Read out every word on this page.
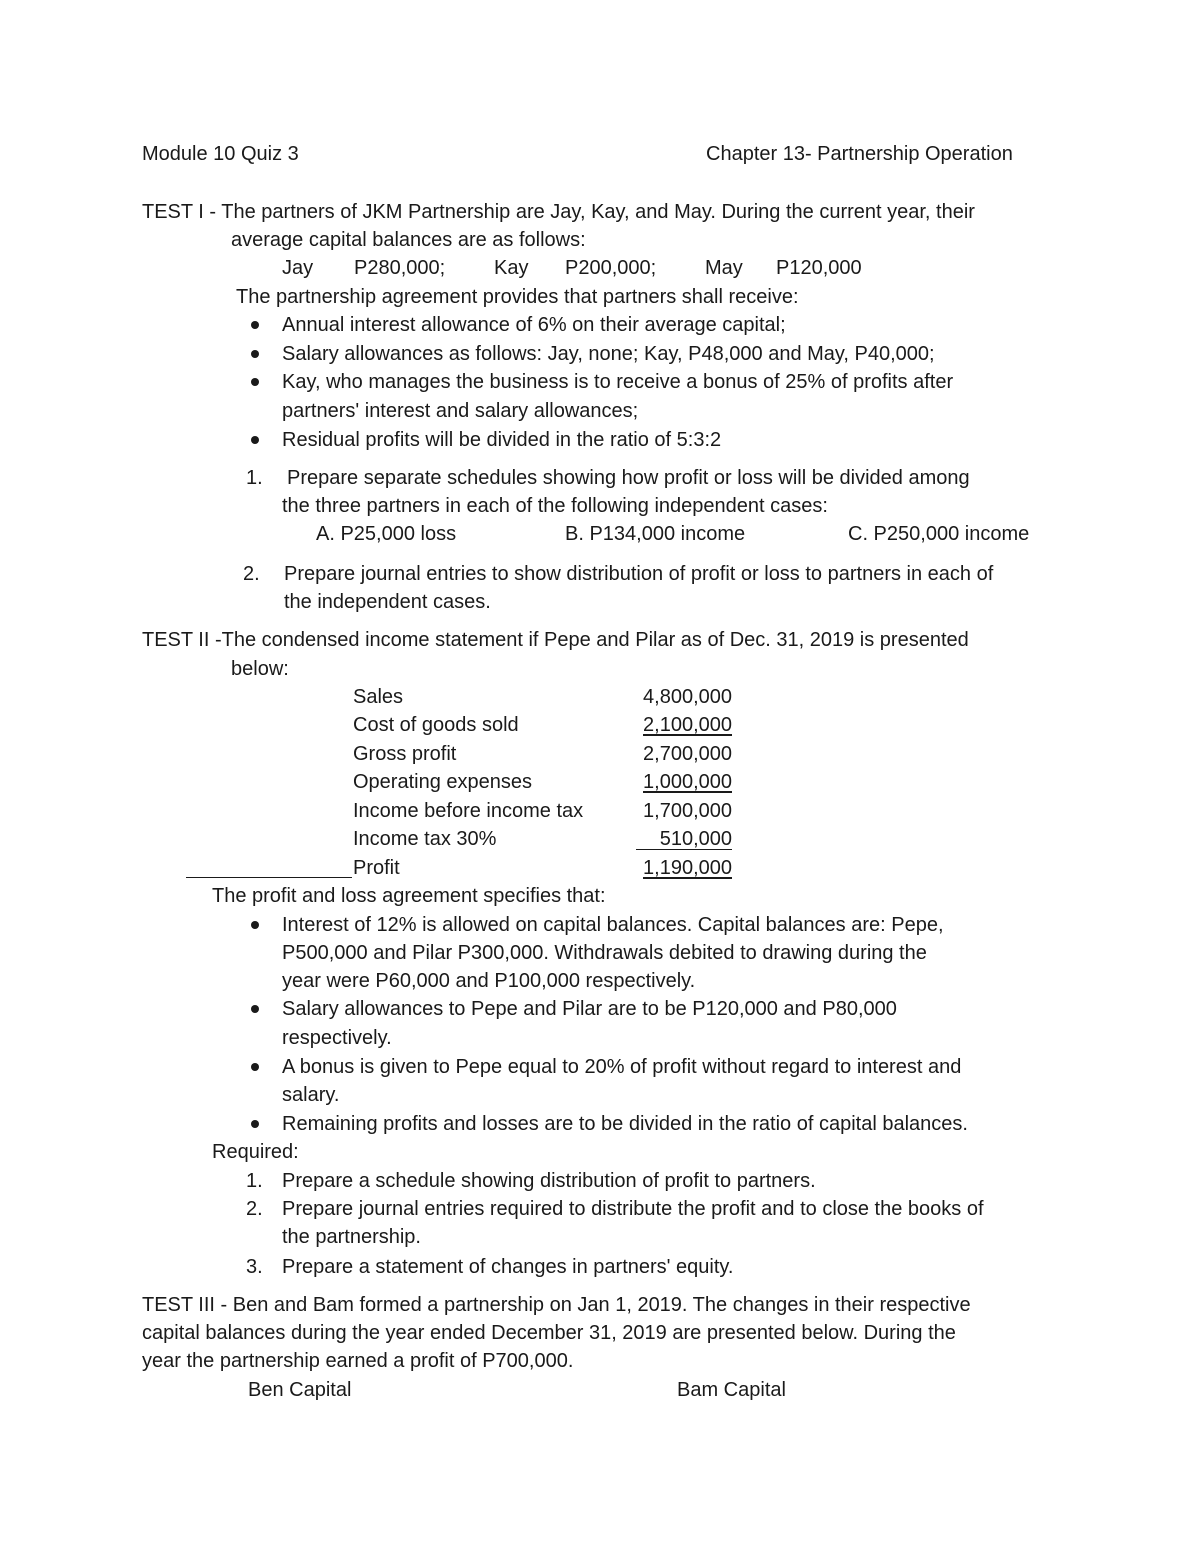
Module 10 Quiz 3	Chapter 13- Partnership Operation
TEST I - The partners of JKM Partnership are Jay, Kay, and May. During the current year, their
average capital balances are as follows:
Jay P280,000; Kay P200,000; May P120,000
The partnership agreement provides that partners shall receive:
Annual interest allowance of 6% on their average capital;
Salary allowances as follows: Jay, none; Kay, P48,000 and May, P40,000;
Kay, who manages the business is to receive a bonus of 25% of profits after
partners' interest and salary allowances;
Residual profits will be divided in the ratio of 5:3:2
1. Prepare separate schedules showing how profit or loss will be divided among
the three partners in each of the following independent cases:
A. P25,000 loss	B. P134,000 income	C. P250,000 income
2. Prepare journal entries to show distribution of profit or loss to partners in each of
the independent cases.
TEST II -The condensed income statement if Pepe and Pilar as of Dec. 31, 2019 is presented
below:
Sales	4,800,000
Cost of goods sold	2,100,000
Gross profit	2,700,000
Operating expenses	1,000,000
Income before income tax	1,700,000
Income tax 30%	510,000
Profit	1,190,000
The profit and loss agreement specifies that:
Interest of 12% is allowed on capital balances. Capital balances are: Pepe,
P500,000 and Pilar P300,000. Withdrawals debited to drawing during the
year were P60,000 and P100,000 respectively.
Salary allowances to Pepe and Pilar are to be P120,000 and P80,000
respectively.
A bonus is given to Pepe equal to 20% of profit without regard to interest and
salary.
Remaining profits and losses are to be divided in the ratio of capital balances.
Required:
1. Prepare a schedule showing distribution of profit to partners.
2. Prepare journal entries required to distribute the profit and to close the books of
the partnership.
3. Prepare a statement of changes in partners' equity.
TEST III - Ben and Bam formed a partnership on Jan 1, 2019. The changes in their respective
capital balances during the year ended December 31, 2019 are presented below. During the
year the partnership earned a profit of P700,000.
Ben Capital	Bam Capital
